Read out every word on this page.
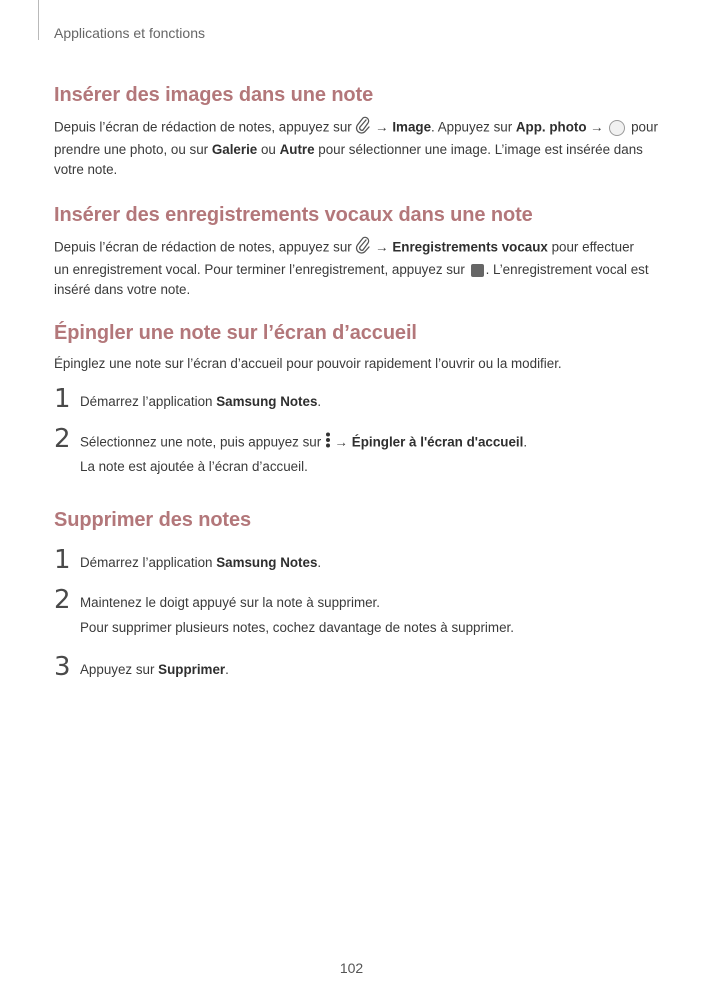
Applications et fonctions
Insérer des images dans une note

Depuis l’écran de rédaction de notes, appuyez sur  → Image. Appuyez sur App. photo →  pour
prendre une photo, ou sur Galerie ou Autre pour sélectionner une image. L’image est insérée dans
votre note.

Insérer des enregistrements vocaux dans une note

Depuis l’écran de rédaction de notes, appuyez sur  → Enregistrements vocaux pour effectuer
un enregistrement vocal. Pour terminer l’enregistrement, appuyez sur . L’enregistrement vocal est
inséré dans votre note.

Épingler une note sur l’écran d’accueil

Épinglez une note sur l’écran d’accueil pour pouvoir rapidement l’ouvrir ou la modifier.

1 Démarrez l’application Samsung Notes.
2 Sélectionnez une note, puis appuyez sur  → Épingler à l'écran d'accueil.
La note est ajoutée à l’écran d’accueil.
Supprimer des notes
1 Démarrez l’application Samsung Notes.
2 Maintenez le doigt appuyé sur la note à supprimer.
Pour supprimer plusieurs notes, cochez davantage de notes à supprimer.
3 Appuyez sur Supprimer.
102
